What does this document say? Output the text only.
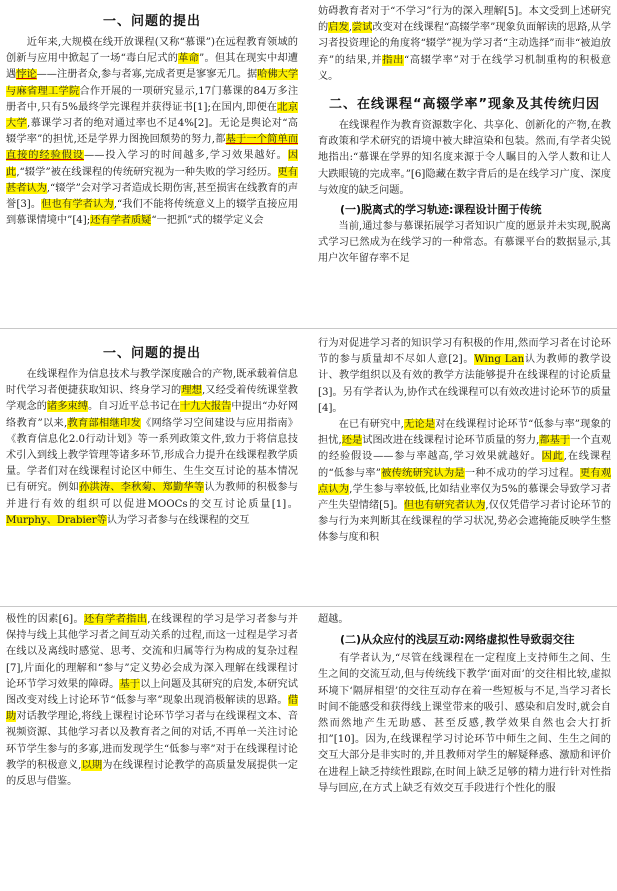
一、问题的提出

　　近年来,大规模在线开放课程(又称“慕课”)在远程教育领域的创新与应用中掀起了一场“毒白尼式的革命”。但其在现实中却遭遇悖论——注册者众,参与者寡,完成者更是寥寥无几。据哈佛大学与麻省理工学院合作开展的一项研究显示,17门慕课的84万多注册者中,只有5%最终学完课程并获得证书[1];在国内,即便在北京大学,慕课学习者的绝对通过率也不足4%[2]。无论是舆论对“高辍学率”的担忧,还是学界力图挽回颓势的努力,都基于一个简单而直接的经验假设——投入学习的时间越多,学习效果越好。因此,“辍学”被在线课程的传统研究视为一种失败的学习经历。更有甚者认为,“辍学”会对学习者造成长期伤害,甚至损害在线教育的声誉[3]。但也有学者认为,“我们不能将传统意义上的辍学直接应用到慕课情境中”[4];还有学者质疑“一把抓”式的辍学定义会

妨碍教育者对于“不学习”行为的深入理解[5]。本文受到上述研究的启发,尝试改变对在线课程“高辍学率”现象负面解读的思路,从学习者投资理论的角度将“辍学”视为学习者“主动选择”而非“被迫放弃”的结果,并指出“高辍学率”对于在线学习机制重构的积极意义。

二、在线课程“高辍学率”现象及其传统归因

　　在线课程作为教育资源数字化、共享化、创新化的产物,在教育政策和学术研究的语境中被大肆渲染和包装。然而,有学者尖锐地指出:“慕课在学界的知名度来源于令人瞩目的入学人数和让人大跌眼镜的完成率。”[6]隐藏在数字背后的是在线学习广度、深度与效度的缺乏问题。

(一)脱离式的学习轨迹:课程设计囿于传统

　　当前,通过参与慕课拓展学习者知识广度的愿景并未实现,脱离式学习已然成为在线学习的一种常态。有慕课平台的数据显示,其用户次年留存率不足

一、问题的提出

　　在线课程作为信息技术与教学深度融合的产物,既承载着信息时代学习者便捷获取知识、终身学习的理想,又经受着传统课堂教学观念的诸多束缚。自习近平总书记在十九大报告中提出“办好网络教育”以来,教育部相继印发《网络学习空间建设与应用指南》《教育信息化2.0行动计划》等一系列政策文件,致力于将信息技术引入到线上教学管理等诸多环节,形成合力提升在线课程教学质量。学者们对在线课程讨论区中师生、生生交互讨论的基本情况已有研究。例如孙洪涛、李秋菊、郑勤华等认为教师的积极参与并进行有效的组织可以促进MOOCs的交互讨论质量[1]。Murphy、Drabier等认为学习者参与在线课程的交互

行为对促进学习者的知识学习有积极的作用,然而学习者在讨论环节的参与质量却不尽如人意[2]。Wing Lan认为教师的教学设计、教学组织以及有效的教学方法能够提升在线课程的讨论质量[3]。另有学者认为,协作式在线课程可以有效改进讨论环节的质量[4]。

　　在已有研究中,无论是对在线课程讨论环节“低参与率”现象的担忧,还是试图改进在线课程讨论环节质量的努力,都基于一个直观的经验假设——参与率越高,学习效果就越好。因此,在线课程的“低参与率”被传统研究认为是一种不成功的学习过程。更有观点认为,学生参与率较低,比如结业率仅为5%的慕课会导致学习者产生失望情绪[5]。但也有研究者认为,仅仅凭借学习者讨论环节的参与行为来判断其在线课程的学习状况,势必会遮掩能反映学生整体参与度和积

极性的因素[6]。还有学者指出,在线课程的学习是学习者参与并保持与线上其他学习者之间互动关系的过程,而这一过程是学习者在线以及离线时感觉、思考、交流和归属等行为构成的复杂过程[7],片面化的理解和“参与”定义势必会成为深入理解在线课程讨论环节学习效果的障碍。基于以上问题及其研究的启发,本研究试图改变对线上讨论环节“低参与率”现象出现消极解读的思路。借助对话教学理论,将线上课程讨论环节学习者与在线课程文本、音视频资源、其他学习者以及教育者之间的对话,不再单一关注讨论环节学生参与的多寡,进而发现学生“低参与率”对于在线课程讨论教学的积极意义,以期为在线课程讨论教学的高质量发展提供一定的反思与借鉴。

超越。

(二)从众应付的浅层互动:网络虚拟性导致弱交往

　　有学者认为,“尽管在线课程在一定程度上支持师生之间、生生之间的交流互动,但与传统线下教学‘面对面’的交往相比较,虚拟环境下‘隔屏相望’的交往互动存在着一些短板与不足,当学习者长时间不能感受和获得线上课堂带来的吸引、感染和启发时,就会自然而然地产生无助感、甚至反感,教学效果自然也会大打折扣”[10]。因为,在线课程学习讨论环节中师生之间、生生之间的交互大部分是非实时的,并且教师对学生的解疑释惑、激励和评价在进程上缺乏持续性跟踪,在时间上缺乏足够的精力进行针对性指导与回应,在方式上缺乏有效交互手段进行个性化的服
